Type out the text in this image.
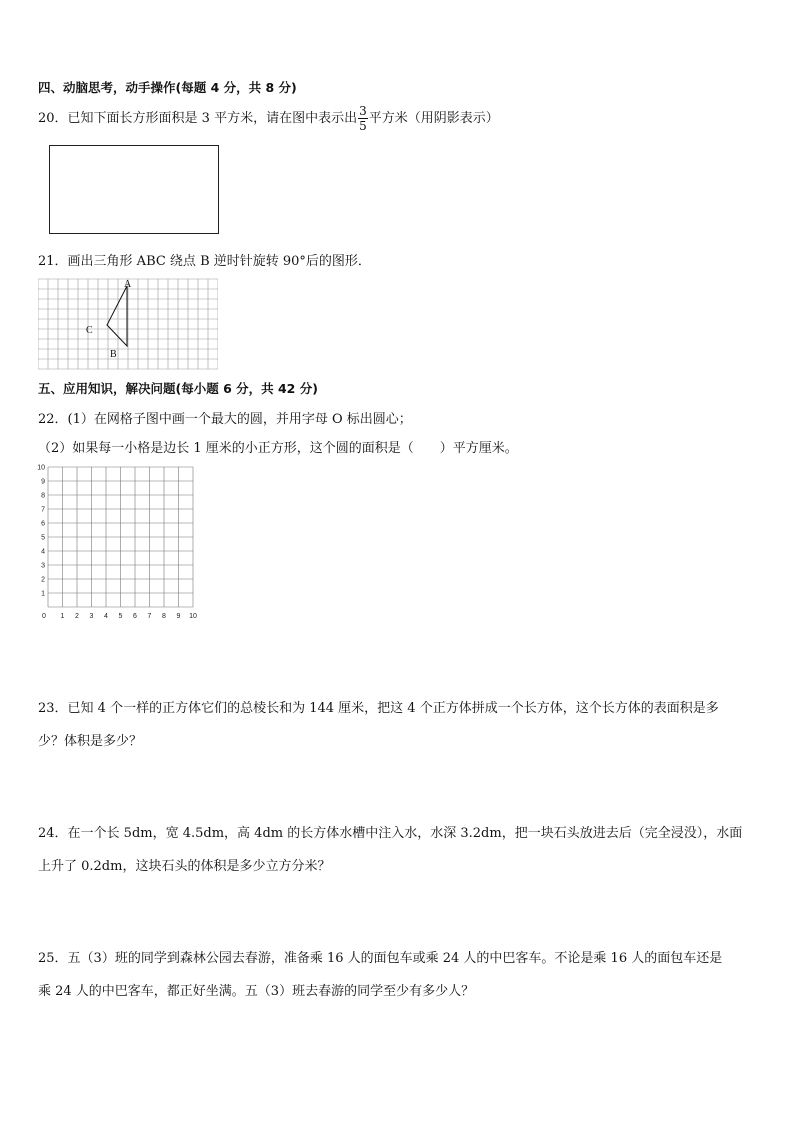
四、动脑思考，动手操作(每题 4 分，共 8 分)
20．已知下面长方形面积是 3 平方米，请在图中表示出 $\frac{3}{5}$ 平方米（用阴影表示）
21．画出三角形 ABC 绕点 B 逆时针旋转 90°后的图形．
A
C
B
五、应用知识，解决问题(每小题 6 分，共 42 分)
22．(1）在网格子图中画一个最大的圆，并用字母 O 标出圆心；
（2）如果每一小格是边长 1 厘米的小正方形，这个圆的面积是（　　）平方厘米。
10
9
8
7
6
5
4
3
2
1
0 1 2 3 4 5 6 7 8 9 10
23．已知 4 个一样的正方体它们的总棱长和为 144 厘米，把这 4 个正方体拼成一个长方体，这个长方体的表面积是多
少？体积是多少？
24．在一个长 5dm，宽 4.5dm，高 4dm 的长方体水槽中注入水，水深 3.2dm，把一块石头放进去后（完全浸没），水面
上升了 0.2dm，这块石头的体积是多少立方分米？
25．五（3）班的同学到森林公园去春游，准备乘 16 人的面包车或乘 24 人的中巴客车。不论是乘 16 人的面包车还是
乘 24 人的中巴客车，都正好坐满。五（3）班去春游的同学至少有多少人？
